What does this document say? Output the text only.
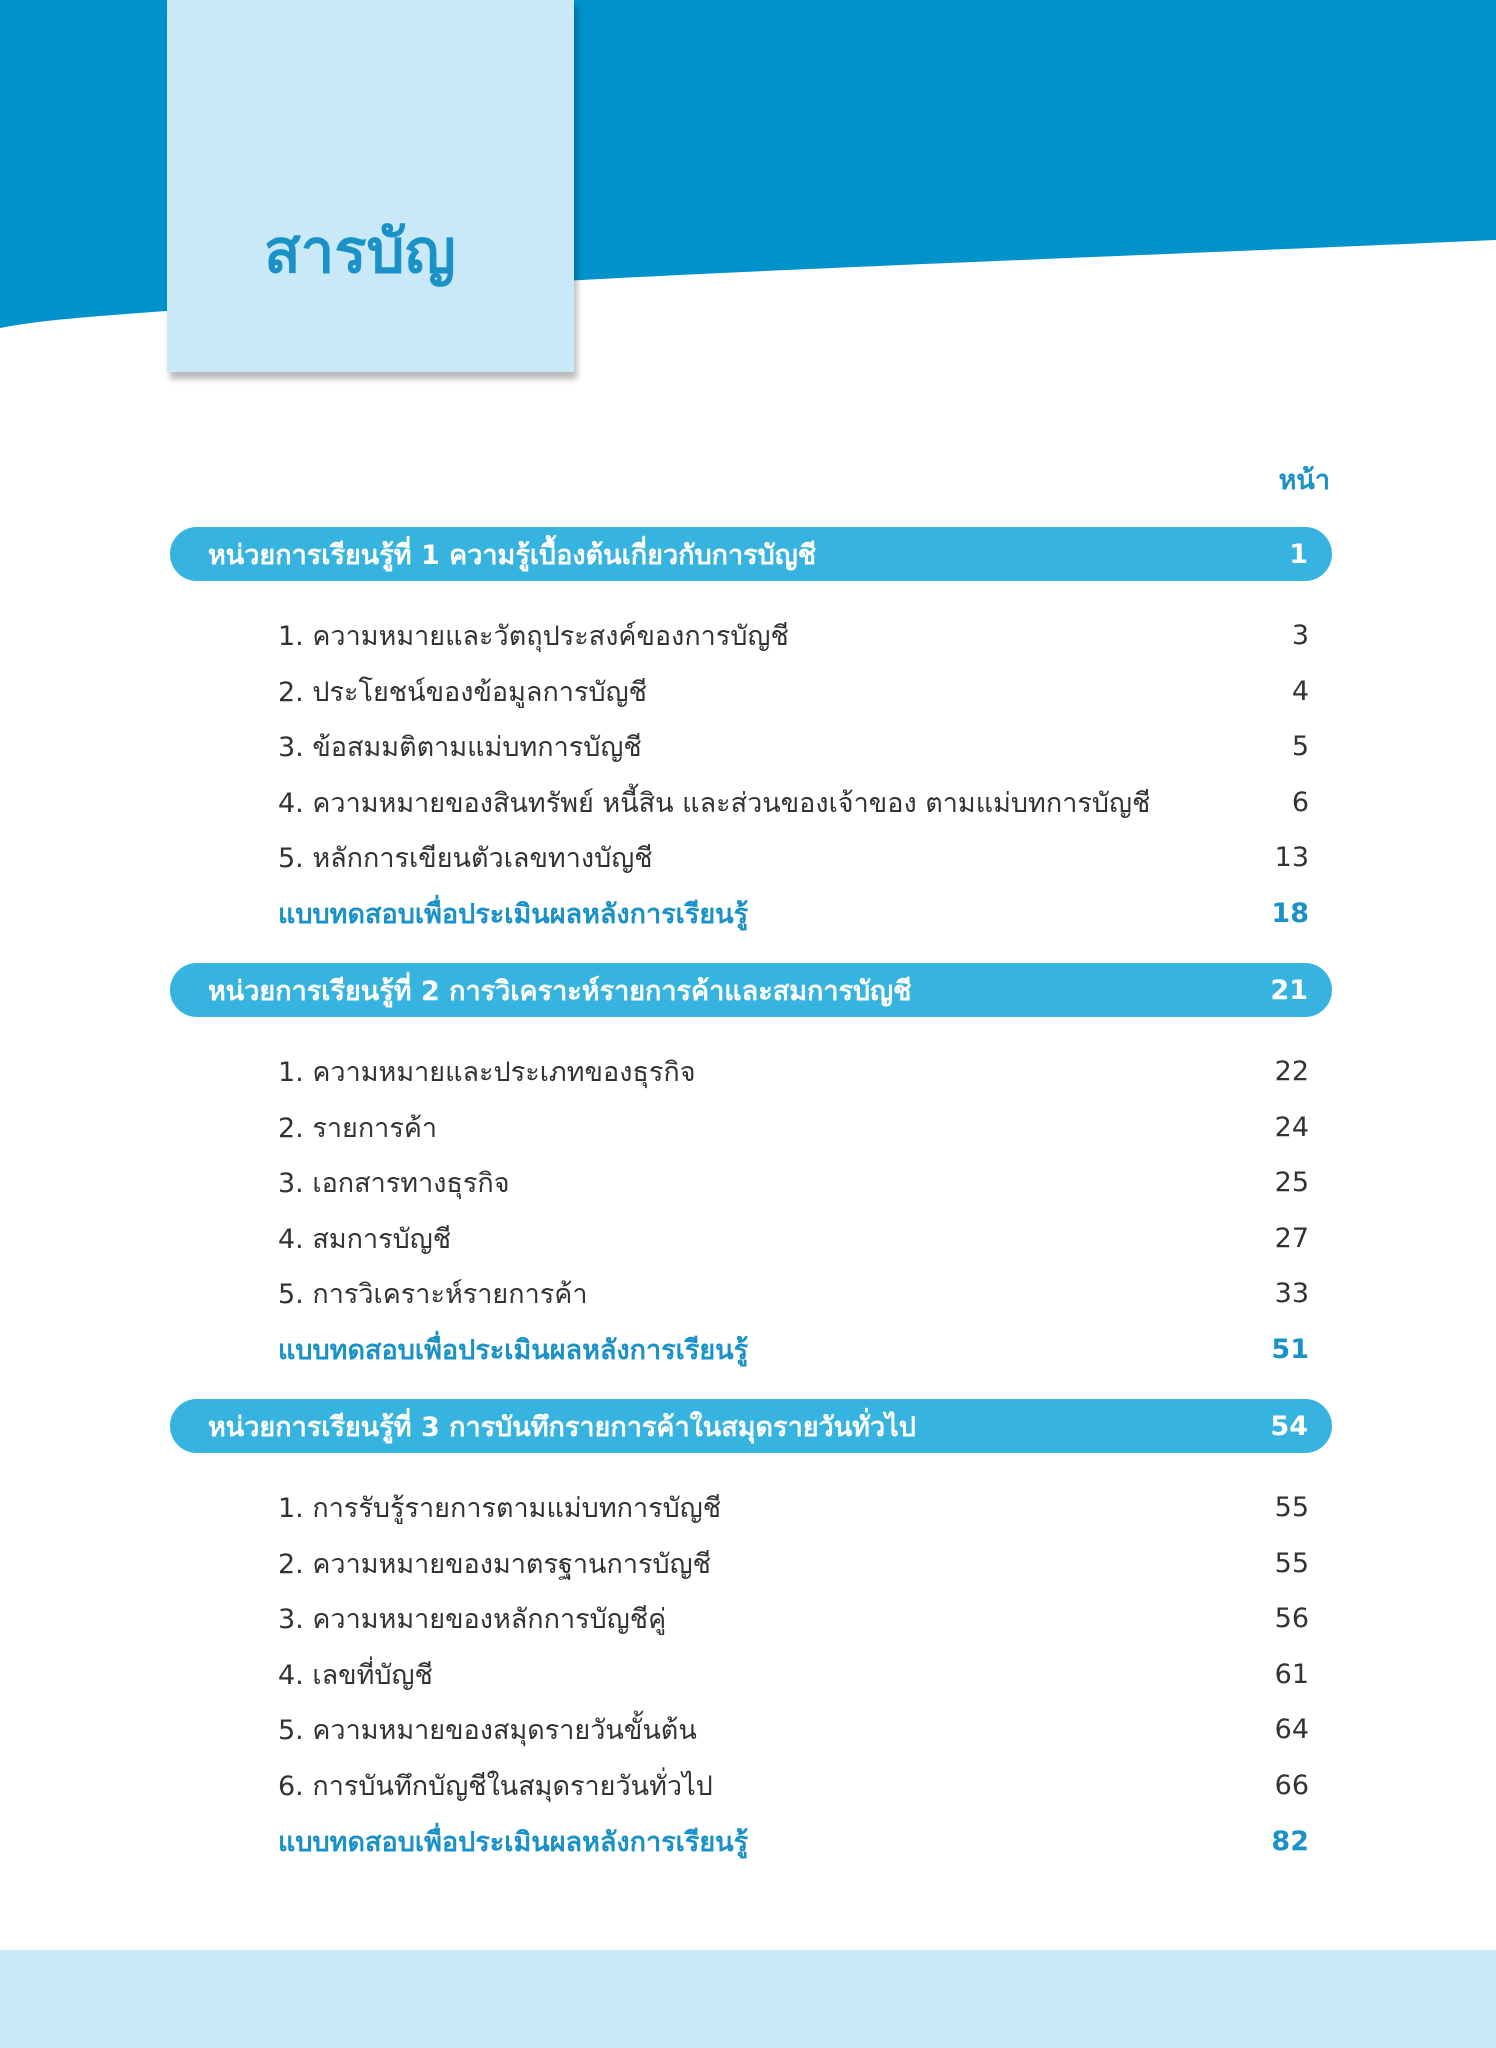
สารบัญ
หน้า
หน่วยการเรียนรู้ที่ 1 ความรู้เบื้องต้นเกี่ยวกับการบัญชี	1
1. ความหมายและวัตถุประสงค์ของการบัญชี	3
2. ประโยชน์ของข้อมูลการบัญชี	4
3. ข้อสมมติตามแม่บทการบัญชี	5
4. ความหมายของสินทรัพย์ หนี้สิน และส่วนของเจ้าของ ตามแม่บทการบัญชี	6
5. หลักการเขียนตัวเลขทางบัญชี	13
แบบทดสอบเพื่อประเมินผลหลังการเรียนรู้	18
หน่วยการเรียนรู้ที่ 2 การวิเคราะห์รายการค้าและสมการบัญชี	21
1. ความหมายและประเภทของธุรกิจ	22
2. รายการค้า	24
3. เอกสารทางธุรกิจ	25
4. สมการบัญชี	27
5. การวิเคราะห์รายการค้า	33
แบบทดสอบเพื่อประเมินผลหลังการเรียนรู้	51
หน่วยการเรียนรู้ที่ 3 การบันทึกรายการค้าในสมุดรายวันทั่วไป	54
1. การรับรู้รายการตามแม่บทการบัญชี	55
2. ความหมายของมาตรฐานการบัญชี	55
3. ความหมายของหลักการบัญชีคู่	56
4. เลขที่บัญชี	61
5. ความหมายของสมุดรายวันขั้นต้น	64
6. การบันทึกบัญชีในสมุดรายวันทั่วไป	66
แบบทดสอบเพื่อประเมินผลหลังการเรียนรู้	82
